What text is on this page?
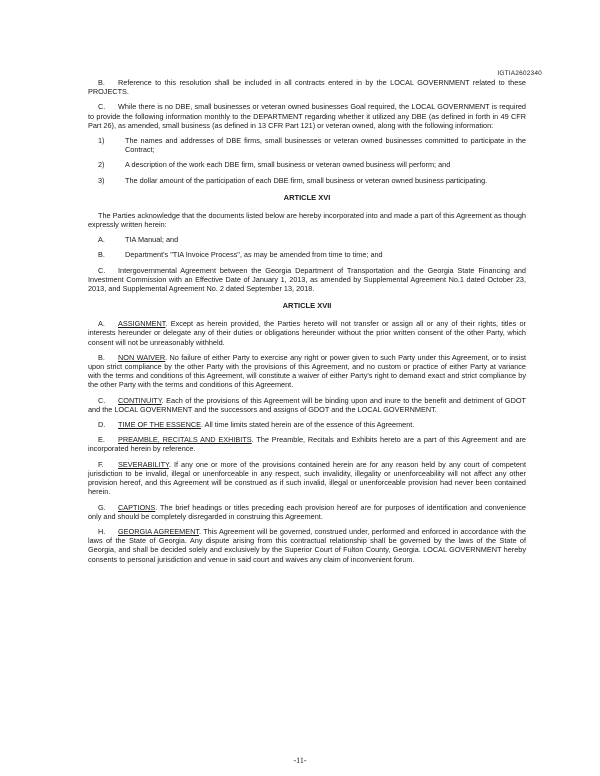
IGTIA2602340

B. Reference to this resolution shall be included in all contracts entered in by the LOCAL GOVERNMENT related to these PROJECTS.

C. While there is no DBE, small businesses or veteran owned businesses Goal required, the LOCAL GOVERNMENT is required to provide the following information monthly to the DEPARTMENT regarding whether it utilized any DBE (as defined in forth in 49 CFR Part 26), as amended, small business (as defined in 13 CFR Part 121) or veteran owned, along with the following information:

1)	The names and addresses of DBE firms, small businesses or veteran owned businesses committed to participate in the Contract;
2)	A description of the work each DBE firm, small business or veteran owned business will perform; and
3)	The dollar amount of the participation of each DBE firm, small business or veteran owned business participating.
ARTICLE XVI

The Parties acknowledge that the documents listed below are hereby incorporated into and made a part of this Agreement as though expressly written herein:

A.	TIA Manual; and
B.	Department's "TIA Invoice Process", as may be amended from time to time; and

C. Intergovernmental Agreement between the Georgia Department of Transportation and the Georgia State Financing and Investment Commission with an Effective Date of January 1, 2013, as amended by Supplemental Agreement No.1 dated October 23, 2013, and Supplemental Agreement No. 2 dated September 13, 2018.

ARTICLE XVII

A. ASSIGNMENT. Except as herein provided, the Parties hereto will not transfer or assign all or any of their rights, titles or interests hereunder or delegate any of their duties or obligations hereunder without the prior written consent of the other Party, which consent will not be unreasonably withheld.

B. NON WAIVER. No failure of either Party to exercise any right or power given to such Party under this Agreement, or to insist upon strict compliance by the other Party with the provisions of this Agreement, and no custom or practice of either Party at variance with the terms and conditions of this Agreement, will constitute a waiver of either Party's right to demand exact and strict compliance by the other Party with the terms and conditions of this Agreement.

C. CONTINUITY. Each of the provisions of this Agreement will be binding upon and inure to the benefit and detriment of GDOT and the LOCAL GOVERNMENT and the successors and assigns of GDOT and the LOCAL GOVERNMENT.

D. TIME OF THE ESSENCE. All time limits stated herein are of the essence of this Agreement.

E. PREAMBLE, RECITALS AND EXHIBITS. The Preamble, Recitals and Exhibits hereto are a part of this Agreement and are incorporated herein by reference.

F. SEVERABILITY. If any one or more of the provisions contained herein are for any reason held by any court of competent jurisdiction to be invalid, illegal or unenforceable in any respect, such invalidity, illegality or unenforceability will not affect any other provision hereof, and this Agreement will be construed as if such invalid, illegal or unenforceable provision had never been contained herein.

G. CAPTIONS. The brief headings or titles preceding each provision hereof are for purposes of identification and convenience only and should be completely disregarded in construing this Agreement.

H. GEORGIA AGREEMENT. This Agreement will be governed, construed under, performed and enforced in accordance with the laws of the State of Georgia. Any dispute arising from this contractual relationship shall be governed by the laws of the State of Georgia, and shall be decided solely and exclusively by the Superior Court of Fulton County, Georgia. LOCAL GOVERNMENT hereby consents to personal jurisdiction and venue in said court and waives any claim of inconvenient forum.

-11-
